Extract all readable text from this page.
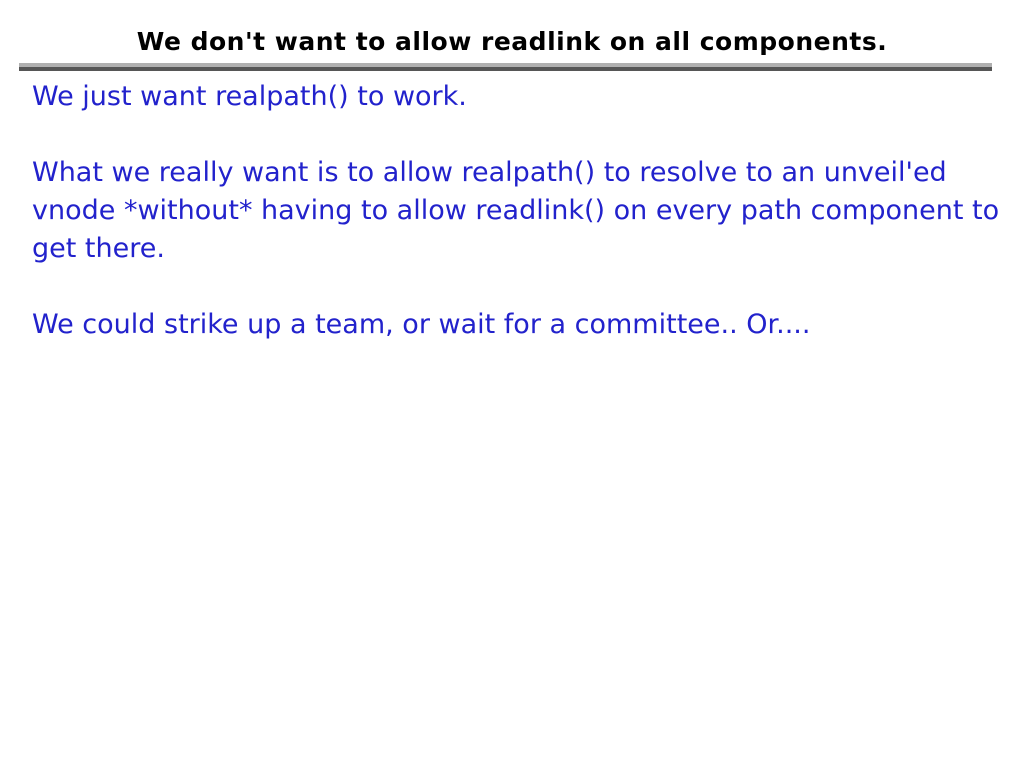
We don't want to allow readlink on all components.
We just want realpath() to work.
What we really want is to allow realpath() to resolve to an unveil'ed
vnode *without* having to allow readlink() on every path component to
get there.
We could strike up a team, or wait for a committee.. Or....
